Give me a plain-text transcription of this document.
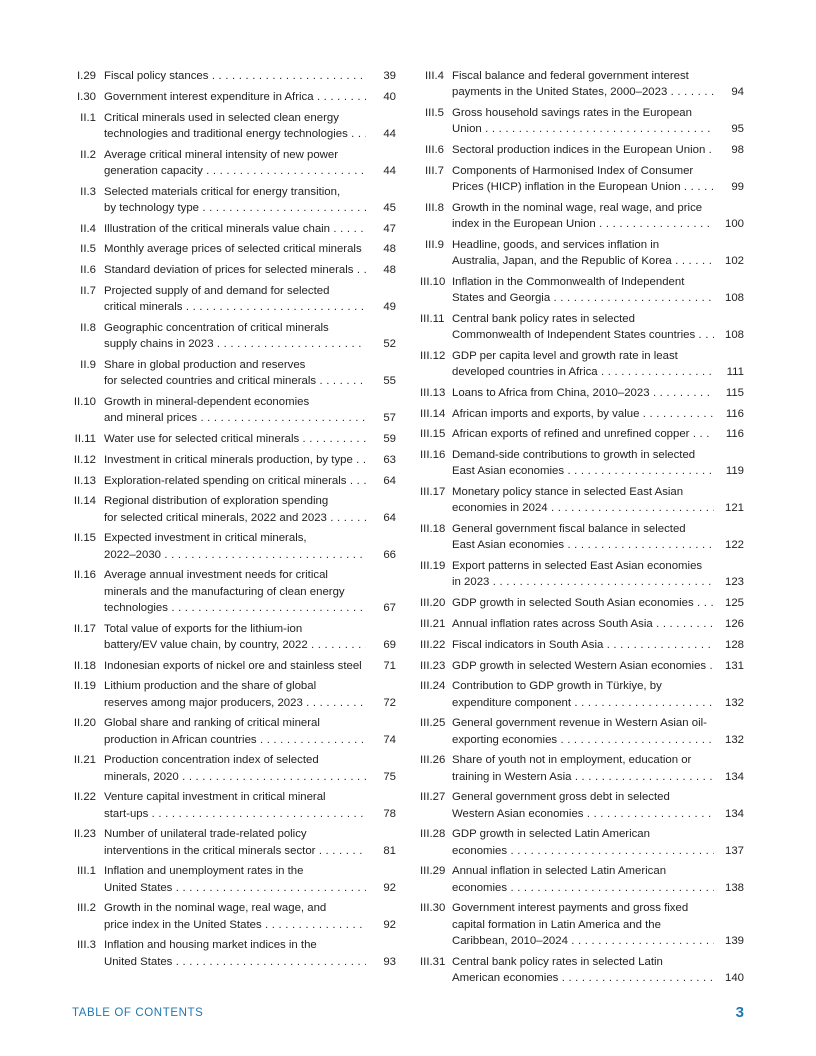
I.29 Fiscal policy stances . . .	39
I.30 Government interest expenditure in Africa . . .	40
II.1 Critical minerals used in selected clean energy
technologies and traditional energy technologies . . .	44
II.2 Average critical mineral intensity of new power
generation capacity . . .	44
II.3 Selected materials critical for energy transition,
by technology type . . .	45
II.4 Illustration of the critical minerals value chain . . .	47
II.5 Monthly average prices of selected critical minerals . . .	48
II.6 Standard deviation of prices for selected minerals . . .	48
II.7 Projected supply of and demand for selected
critical minerals . . .	49
II.8 Geographic concentration of critical minerals
supply chains in 2023 . . .	52
II.9 Share in global production and reserves
for selected countries and critical minerals . . .	55
II.10 Growth in mineral-dependent economies
and mineral prices . . .	57
II.11 Water use for selected critical minerals . . .	59
II.12 Investment in critical minerals production, by type . . .	63
II.13 Exploration-related spending on critical minerals . . .	64
II.14 Regional distribution of exploration spending
for selected critical minerals, 2022 and 2023 . . .	64
II.15 Expected investment in critical minerals,
2022–2030 . . .	66
II.16 Average annual investment needs for critical
minerals and the manufacturing of clean energy
technologies . . .	67
II.17 Total value of exports for the lithium-ion
battery/EV value chain, by country, 2022 . . .	69
II.18 Indonesian exports of nickel ore and stainless steel . . .	71
II.19 Lithium production and the share of global
reserves among major producers, 2023 . . .	72
II.20 Global share and ranking of critical mineral
production in African countries . . .	74
II.21 Production concentration index of selected
minerals, 2020 . . .	75
II.22 Venture capital investment in critical mineral
start-ups . . .	78
II.23 Number of unilateral trade-related policy
interventions in the critical minerals sector . . .	81
III.1 Inflation and unemployment rates in the
United States . . .	92
III.2 Growth in the nominal wage, real wage, and
price index in the United States . . .	92
III.3 Inflation and housing market indices in the
United States . . .	93
III.4 Fiscal balance and federal government interest
payments in the United States, 2000–2023 . . .	94
III.5 Gross household savings rates in the European
Union . . .	95
III.6 Sectoral production indices in the European Union . . .	98
III.7 Components of Harmonised Index of Consumer
Prices (HICP) inflation in the European Union . . .	99
III.8 Growth in the nominal wage, real wage, and price
index in the European Union . . .	100
III.9 Headline, goods, and services inflation in
Australia, Japan, and the Republic of Korea . . .	102
III.10 Inflation in the Commonwealth of Independent
States and Georgia . . .	108
III.11 Central bank policy rates in selected
Commonwealth of Independent States countries . . .	108
III.12 GDP per capita level and growth rate in least
developed countries in Africa . . .	111
III.13 Loans to Africa from China, 2010–2023 . . .	115
III.14 African imports and exports, by value . . .	116
III.15 African exports of refined and unrefined copper . . .	116
III.16 Demand-side contributions to growth in selected
East Asian economies . . .	119
III.17 Monetary policy stance in selected East Asian
economies in 2024 . . .	121
III.18 General government fiscal balance in selected
East Asian economies . . .	122
III.19 Export patterns in selected East Asian economies
in 2023 . . .	123
III.20 GDP growth in selected South Asian economies . . .	125
III.21 Annual inflation rates across South Asia . . .	126
III.22 Fiscal indicators in South Asia . . .	128
III.23 GDP growth in selected Western Asian economies . . .	131
III.24 Contribution to GDP growth in Türkiye, by
expenditure component . . .	132
III.25 General government revenue in Western Asian oil-
exporting economies . . .	132
III.26 Share of youth not in employment, education or
training in Western Asia . . .	134
III.27 General government gross debt in selected
Western Asian economies . . .	134
III.28 GDP growth in selected Latin American
economies . . .	137
III.29 Annual inflation in selected Latin American
economies . . .	138
III.30 Government interest payments and gross fixed
capital formation in Latin America and the
Caribbean, 2010–2024 . . .	139
III.31 Central bank policy rates in selected Latin
American economies . . .	140
TABLE OF CONTENTS	3
